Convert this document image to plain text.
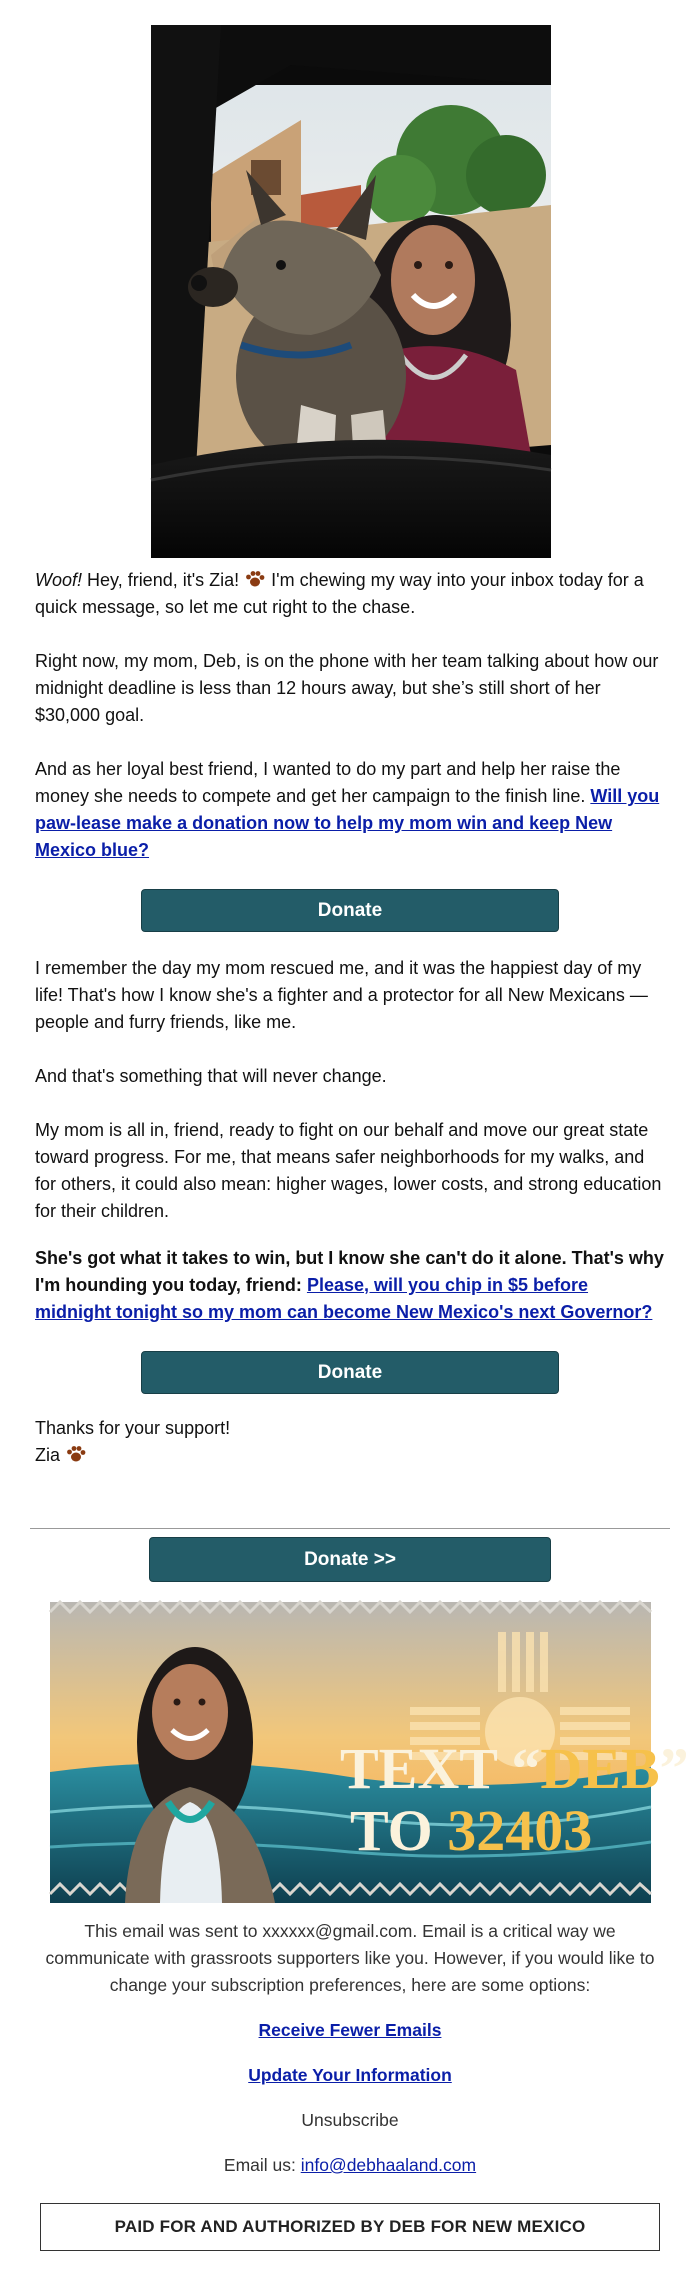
Woof! Hey, friend, it's Zia!  I'm chewing my way into your inbox today for a quick message, so let me cut right to the chase.

Right now, my mom, Deb, is on the phone with her team talking about how our midnight deadline is less than 12 hours away, but she’s still short of her $30,000 goal.

And as her loyal best friend, I wanted to do my part and help her raise the money she needs to compete and get her campaign to the finish line. Will you paw-lease make a donation now to help my mom win and keep New Mexico blue?

Donate

I remember the day my mom rescued me, and it was the happiest day of my life! That's how I know she's a fighter and a protector for all New Mexicans — people and furry friends, like me.

And that's something that will never change.

My mom is all in, friend, ready to fight on our behalf and move our great state toward progress. For me, that means safer neighborhoods for my walks, and for others, it could also mean: higher wages, lower costs, and strong education for their children.

She's got what it takes to win, but I know she can't do it alone. That's why I'm hounding you today, friend: Please, will you chip in $5 before midnight tonight so my mom can become New Mexico's next Governor?

Donate

Thanks for your support!
Zia

Donate >>
TEXT “DEB”
TO 32403

This email was sent to xxxxxx@gmail.com. Email is a critical way we communicate with grassroots supporters like you. However, if you would like to change your subscription preferences, here are some options:

Receive Fewer Emails

Update Your Information

Unsubscribe

Email us: info@debhaaland.com

PAID FOR AND AUTHORIZED BY DEB FOR NEW MEXICO
